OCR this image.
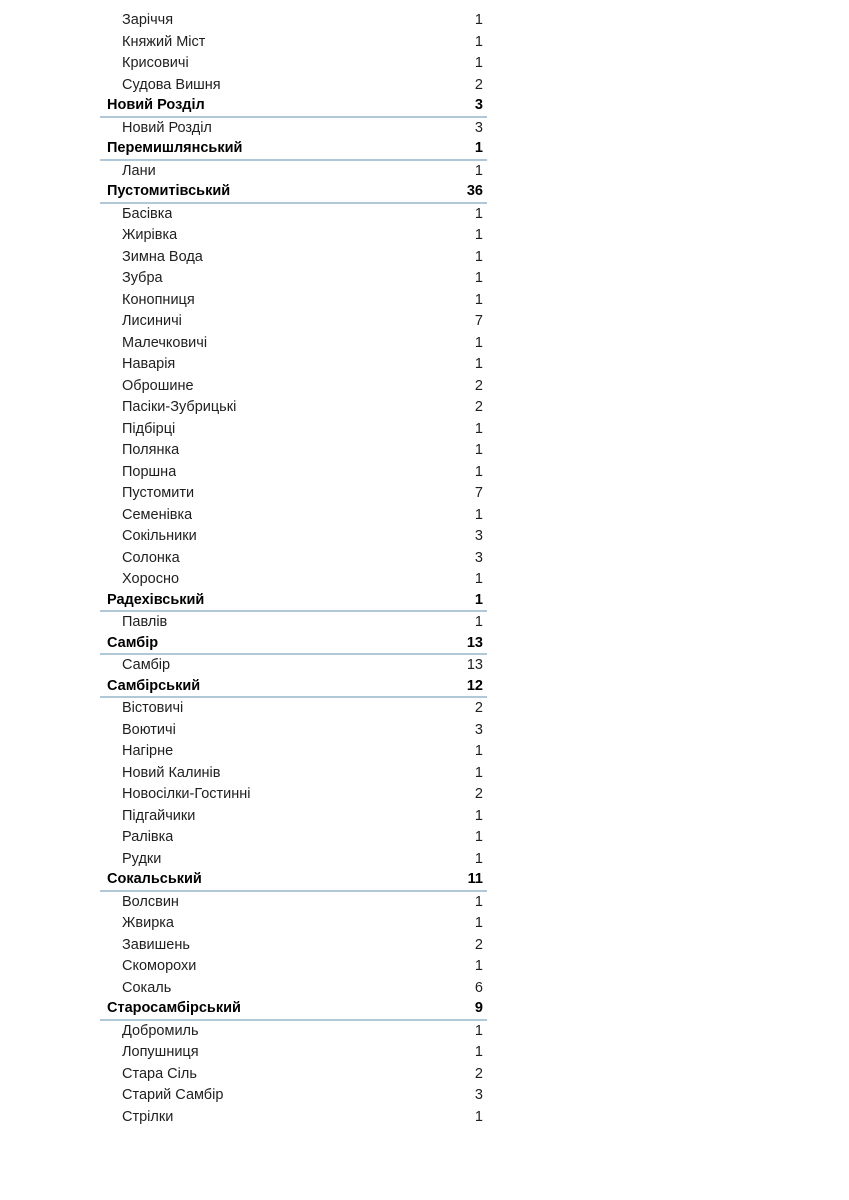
Заріччя	1
Княжий Міст	1
Крисовичі	1
Судова Вишня	2
Новий Розділ	3
Новий Розділ	3
Перемишлянський	1
Лани	1
Пустомитівський	36
Басівка	1
Жирівка	1
Зимна Вода	1
Зубра	1
Конопниця	1
Лисиничі	7
Малечковичі	1
Наварія	1
Оброшине	2
Пасіки-Зубрицькі	2
Підбірці	1
Полянка	1
Поршна	1
Пустомити	7
Семенівка	1
Сокільники	3
Солонка	3
Хоросно	1
Радехівський	1
Павлів	1
Самбір	13
Самбір	13
Самбірський	12
Вістовичі	2
Воютичі	3
Нагірне	1
Новий Калинів	1
Новосілки-Гостинні	2
Підгайчики	1
Ралівка	1
Рудки	1
Сокальський	11
Волсвин	1
Жвирка	1
Завишень	2
Скоморохи	1
Сокаль	6
Старосамбірський	9
Добромиль	1
Лопушниця	1
Стара Сіль	2
Старий Самбір	3
Стрілки	1
